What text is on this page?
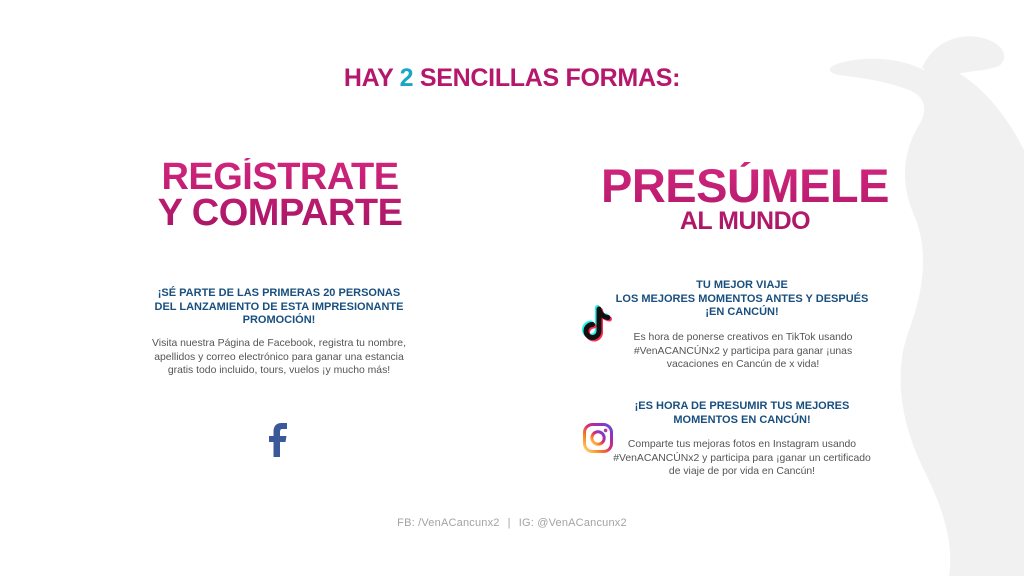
HAY 2 SENCILLAS FORMAS:
REGÍSTRATE
Y COMPARTE
¡SÉ PARTE DE LAS PRIMERAS 20 PERSONAS DEL LANZAMIENTO DE ESTA IMPRESIONANTE PROMOCIÓN!
Visita nuestra Página de Facebook, registra tu nombre, apellidos y correo electrónico para ganar una estancia gratis todo incluido, tours, vuelos ¡y mucho más!
PRESÚMELE
AL MUNDO
TU MEJOR VIAJE
LOS MEJORES MOMENTOS ANTES Y DESPUÉS
¡EN CANCÚN!
Es hora de ponerse creativos en TikTok usando #VenACANCÚNx2 y participa para ganar ¡unas vacaciones en Cancún de x vida!
¡ES HORA DE PRESUMIR TUS MEJORES MOMENTOS EN CANCÚN!
Comparte tus mejoras fotos en Instagram usando #VenACANCÚNx2 y participa para ¡ganar un certificado de viaje de por vida en Cancún!
FB: /VenACancunx2 | IG: @VenACancunx2
